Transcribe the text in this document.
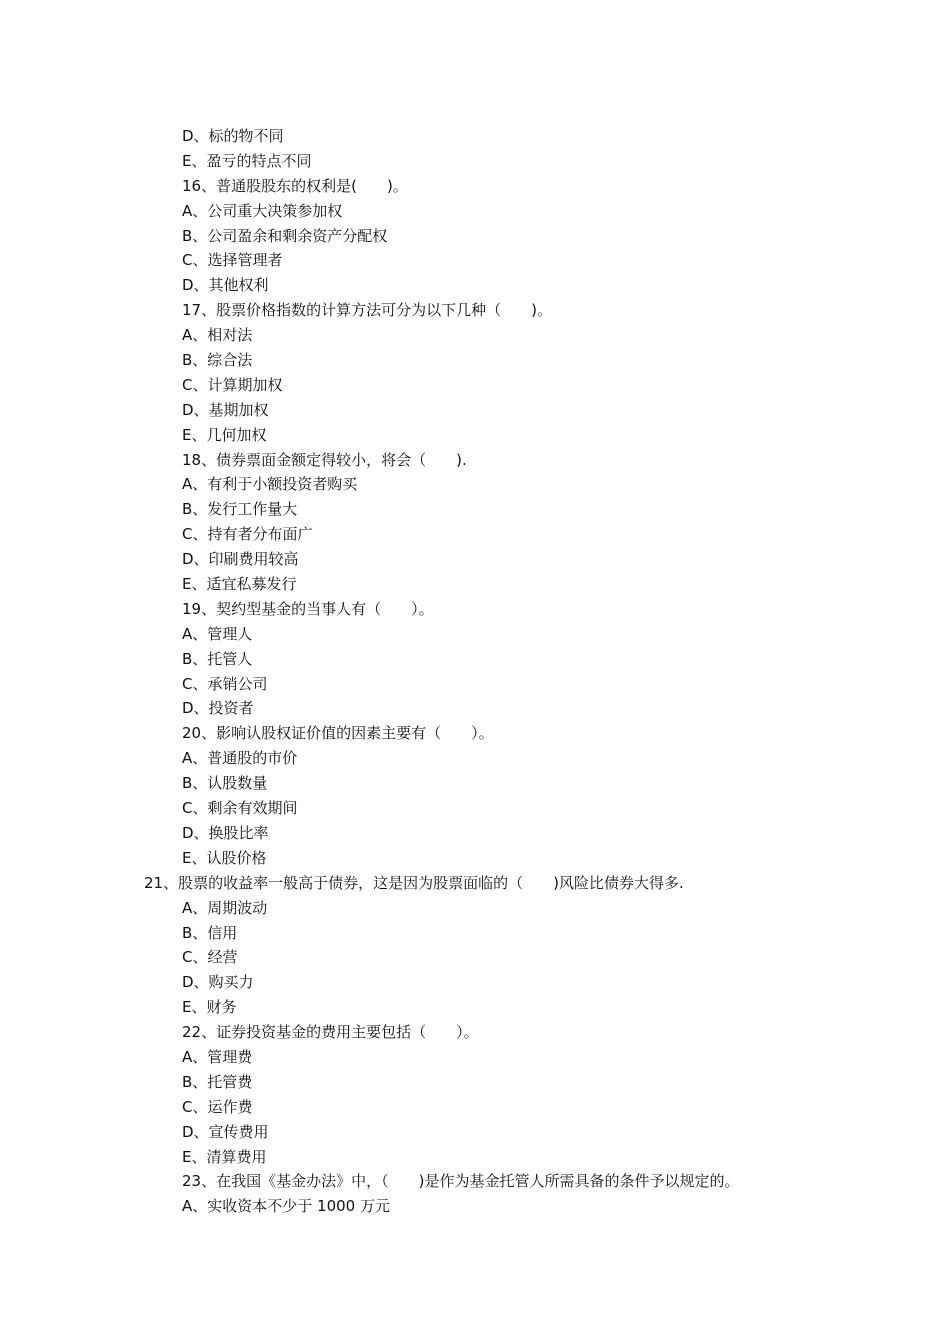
D、标的物不同
E、盈亏的特点不同
16、普通股股东的权利是(　　)。
A、公司重大决策参加权
B、公司盈余和剩余资产分配权
C、选择管理者
D、其他权利
17、股票价格指数的计算方法可分为以下几种（　　)。
A、相对法
B、综合法
C、计算期加权
D、基期加权
E、几何加权
18、债券票面金额定得较小，将会（　　).
A、有利于小额投资者购买
B、发行工作量大
C、持有者分布面广
D、印刷费用较高
E、适宜私募发行
19、契约型基金的当事人有（　　）。
A、管理人
B、托管人
C、承销公司
D、投资者
20、影响认股权证价值的因素主要有（　　）。
A、普通股的市价
B、认股数量
C、剩余有效期间
D、换股比率
E、认股价格
21、股票的收益率一般高于债券，这是因为股票面临的（　　)风险比债券大得多.
A、周期波动
B、信用
C、经营
D、购买力
E、财务
22、证券投资基金的费用主要包括（　　）。
A、管理费
B、托管费
C、运作费
D、宣传费用
E、清算费用
23、在我国《基金办法》中，（　　)是作为基金托管人所需具备的条件予以规定的。
A、实收资本不少于 1000 万元
